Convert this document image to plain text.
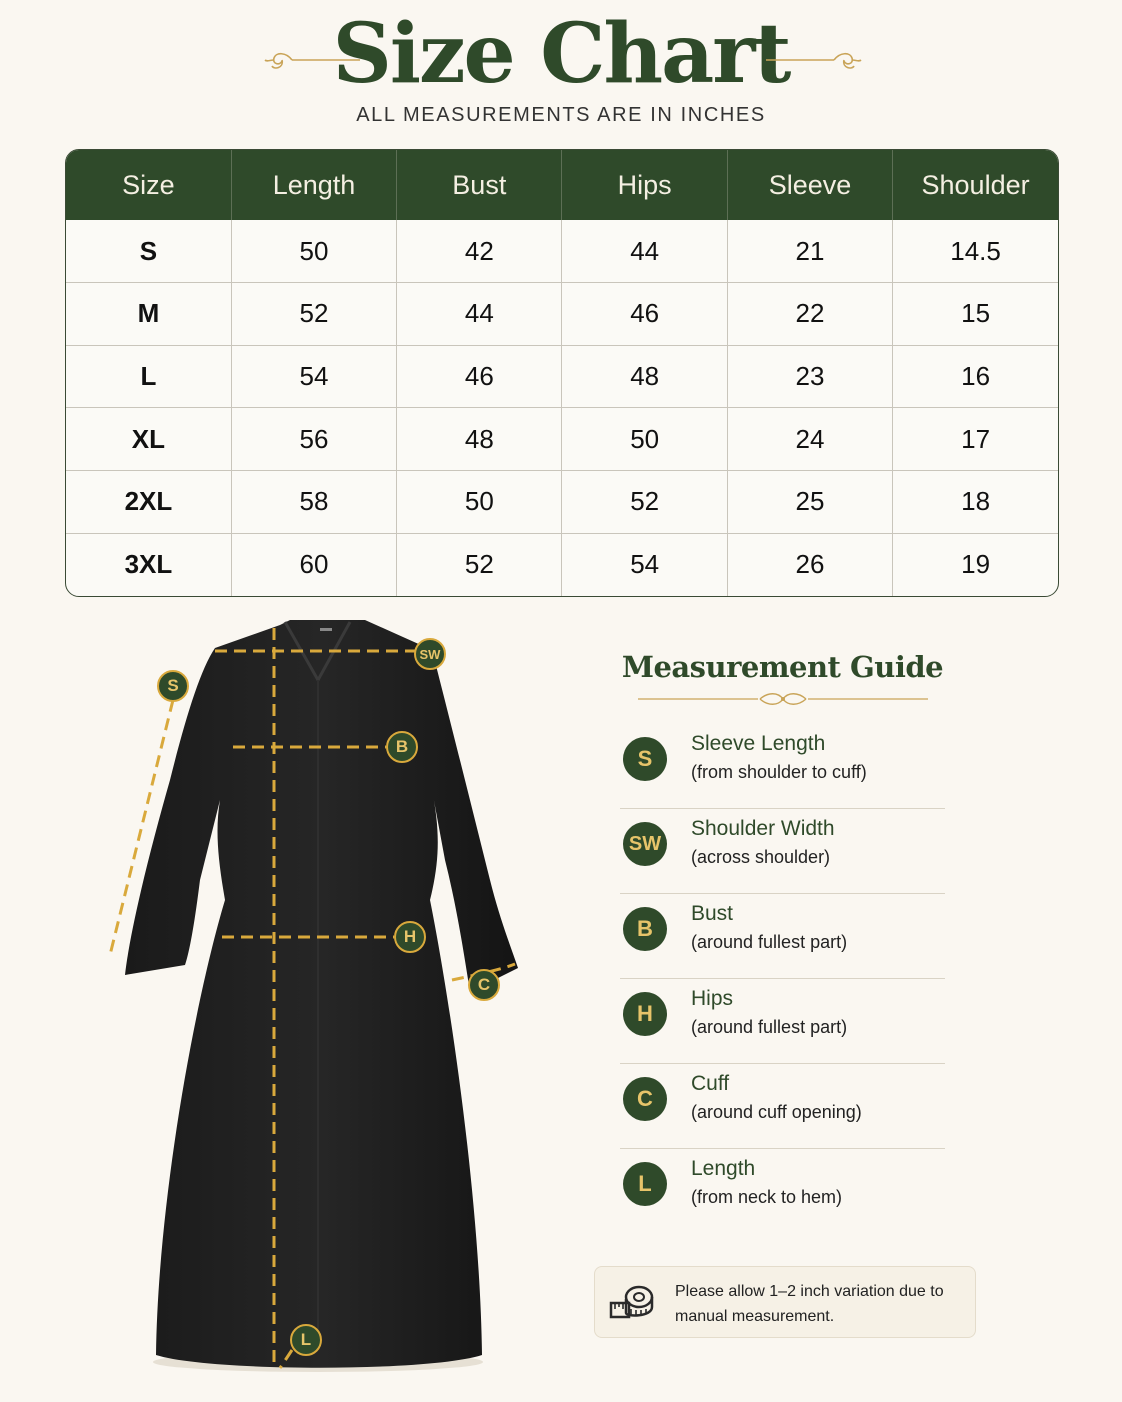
Size Chart
ALL MEASUREMENTS ARE IN INCHES
Size	Length	Bust	Hips	Sleeve	Shoulder
S	50	42	44	21	14.5
M	52	44	46	22	15
L	54	46	48	23	16
XL	56	48	50	24	17
2XL	58	50	52	25	18
3XL	60	52	54	26	19
S
SW
B
H
C
L
Measurement Guide
S
Sleeve Length
(from shoulder to cuff)
SW
Shoulder Width
(across shoulder)
B
Bust
(around fullest part)
H
Hips
(around fullest part)
C
Cuff
(around cuff opening)
L
Length
(from neck to hem)
Please allow 1–2 inch variation due to manual measurement.
